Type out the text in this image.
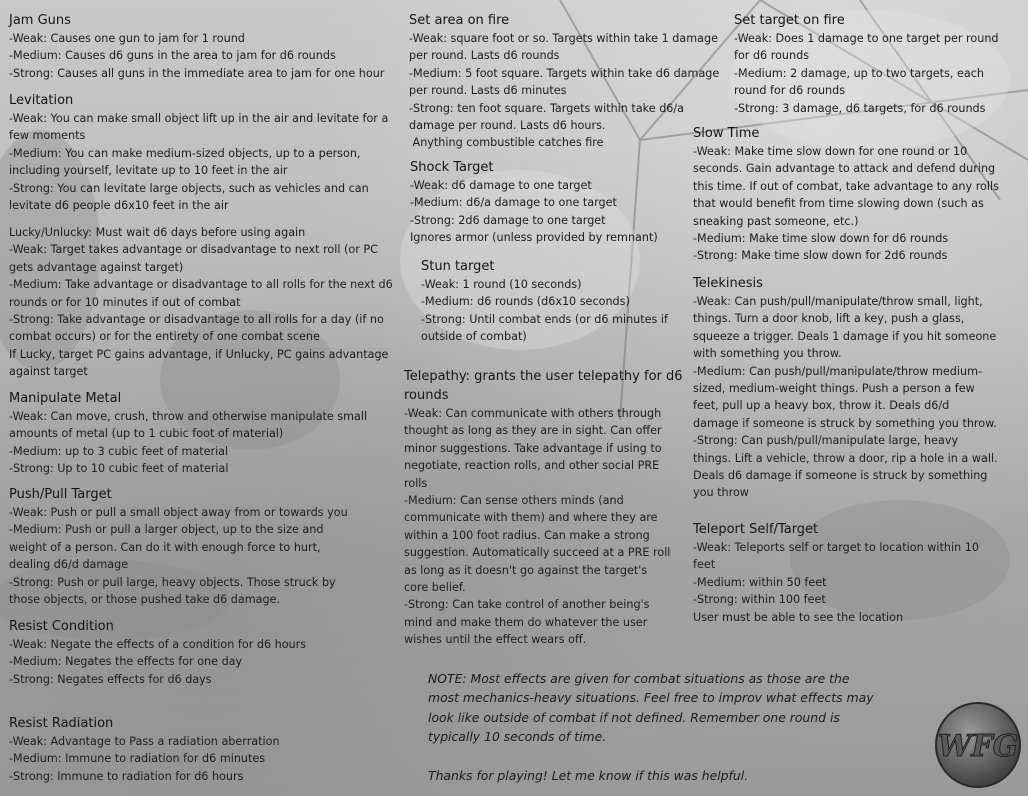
Jam Guns

-Weak: Causes one gun to jam for 1 round

-Medium: Causes d6 guns in the area to jam for d6 rounds

-Strong: Causes all guns in the immediate area to jam for one hour

Levitation

-Weak: You can make small object lift up in the air and levitate for a

few moments

-Medium: You can make medium-sized objects, up to a person,

including yourself, levitate up to 10 feet in the air

-Strong: You can levitate large objects, such as vehicles and can

levitate d6 people d6x10 feet in the air

Lucky/Unlucky: Must wait d6 days before using again

-Weak: Target takes advantage or disadvantage to next roll (or PC

gets advantage against target)

-Medium: Take advantage or disadvantage to all rolls for the next d6

rounds or for 10 minutes if out of combat

-Strong: Take advantage or disadvantage to all rolls for a day (if no

combat occurs) or for the entirety of one combat scene

If Lucky, target PC gains advantage, if Unlucky, PC gains advantage

against target

Manipulate Metal

-Weak: Can move, crush, throw and otherwise manipulate small

amounts of metal (up to 1 cubic foot of material)

-Medium: up to 3 cubic feet of material

-Strong: Up to 10 cubic feet of material

Push/Pull Target

-Weak: Push or pull a small object away from or towards you

-Medium: Push or pull a larger object, up to the size and

weight of a person. Can do it with enough force to hurt,

dealing d6/d damage

-Strong: Push or pull large, heavy objects. Those struck by

those objects, or those pushed take d6 damage.

Resist Condition

-Weak: Negate the effects of a condition for d6 hours

-Medium: Negates the effects for one day

-Strong: Negates effects for d6 days

Resist Radiation

-Weak: Advantage to Pass a radiation aberration

-Medium: Immune to radiation for d6 minutes

-Strong: Immune to radiation for d6 hours

Set area on fire

-Weak: square foot or so. Targets within take 1 damage

per round. Lasts d6 rounds

-Medium: 5 foot square. Targets within take d6 damage

per round. Lasts d6 minutes

-Strong: ten foot square. Targets within take d6/a

damage per round. Lasts d6 hours.

Anything combustible catches fire

Shock Target

-Weak: d6 damage to one target

-Medium: d6/a damage to one target

-Strong: 2d6 damage to one target

Ignores armor (unless provided by remnant)

Stun target

-Weak: 1 round (10 seconds)

-Medium: d6 rounds (d6x10 seconds)

-Strong: Until combat ends (or d6 minutes if

outside of combat)

Telepathy: grants the user telepathy for d6
rounds

-Weak: Can communicate with others through

thought as long as they are in sight. Can offer

minor suggestions. Take advantage if using to

negotiate, reaction rolls, and other social PRE

rolls

-Medium: Can sense others minds (and

communicate with them) and where they are

within a 100 foot radius. Can make a strong

suggestion. Automatically succeed at a PRE roll

as long as it doesn't go against the target's

core belief.

-Strong: Can take control of another being's

mind and make them do whatever the user

wishes until the effect wears off.

Set target on fire

-Weak: Does 1 damage to one target per round

for d6 rounds

-Medium: 2 damage, up to two targets, each

round for d6 rounds

-Strong: 3 damage, d6 targets, for d6 rounds

Slow Time

-Weak: Make time slow down for one round or 10

seconds. Gain advantage to attack and defend during

this time. If out of combat, take advantage to any rolls

that would benefit from time slowing down (such as

sneaking past someone, etc.)

-Medium: Make time slow down for d6 rounds

-Strong: Make time slow down for 2d6 rounds

Telekinesis

-Weak: Can push/pull/manipulate/throw small, light,

things. Turn a door knob, lift a key, push a glass,

squeeze a trigger. Deals 1 damage if you hit someone

with something you throw.

-Medium: Can push/pull/manipulate/throw medium-

sized, medium-weight things. Push a person a few

feet, pull up a heavy box, throw it. Deals d6/d

damage if someone is struck by something you throw.

-Strong: Can push/pull/manipulate large, heavy

things. Lift a vehicle, throw a door, rip a hole in a wall.

Deals d6 damage if someone is struck by something

you throw

Teleport Self/Target

-Weak: Teleports self or target to location within 10

feet

-Medium: within 50 feet

-Strong: within 100 feet

User must be able to see the location

NOTE: Most effects are given for combat situations as those are the

most mechanics-heavy situations. Feel free to improv what effects may

look like outside of combat if not defined. Remember one round is

typically 10 seconds of time.

Thanks for playing! Let me know if this was helpful.

WFG
